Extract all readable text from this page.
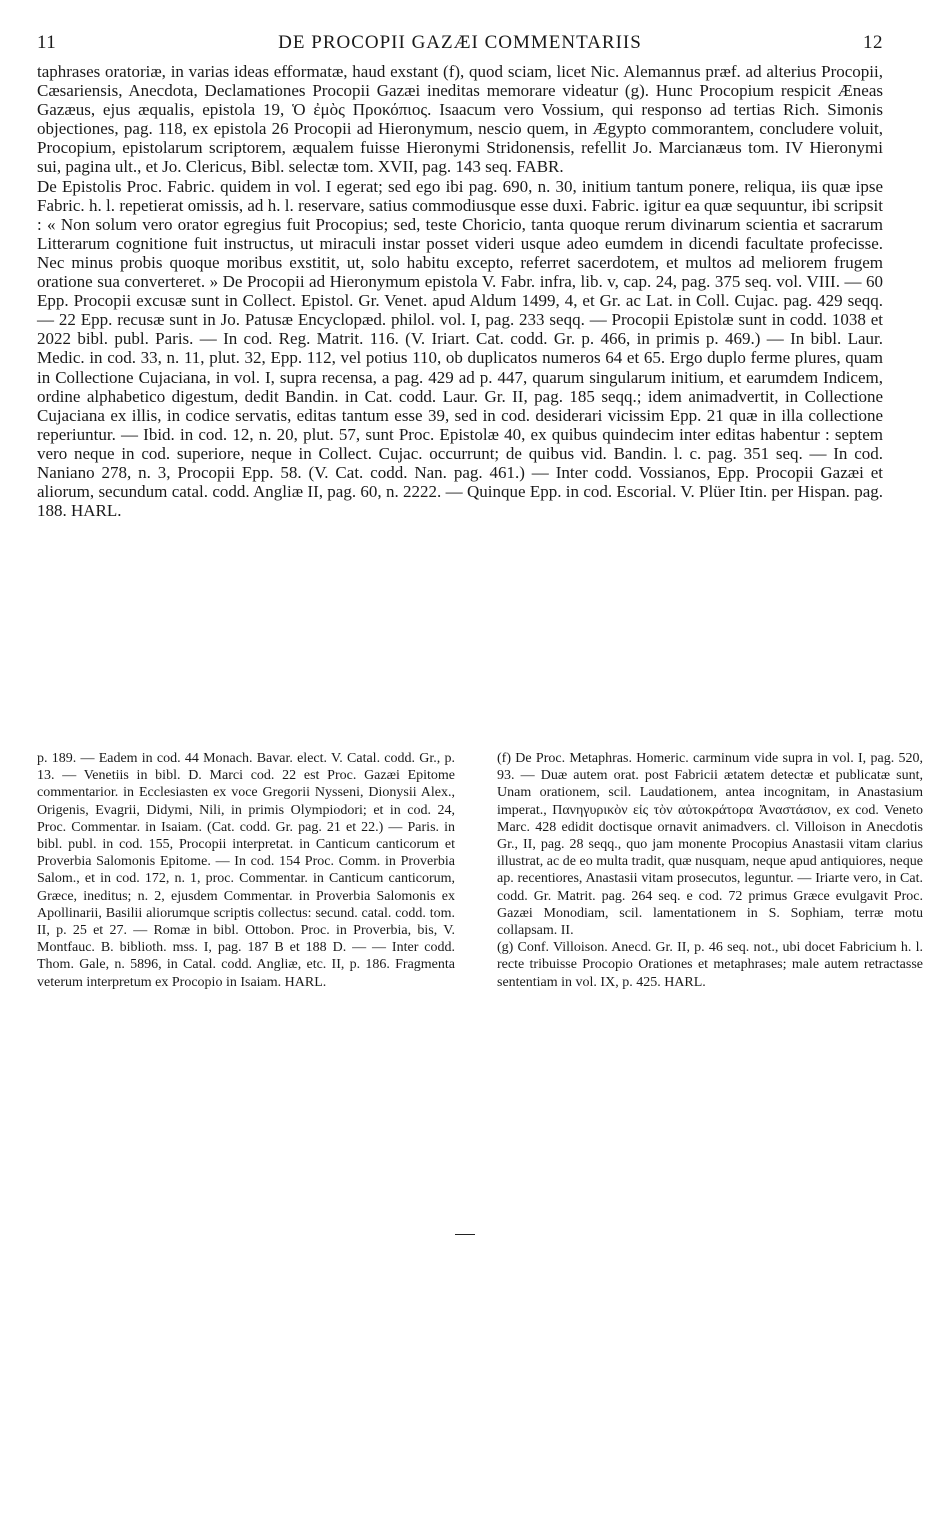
11	DE PROCOPII GAZÆI COMMENTARIIS	12

taphrases oratoriæ, in varias ideas efformatæ, haud exstant (f), quod sciam, licet Nic. Alemannus præf. ad alterius Procopii, Cæsariensis, Anecdota, Declamationes Procopii Gazæi ineditas memorare videatur (g). Hunc Procopium respicit Æneas Gazæus, ejus æqualis, epistola 19, Ὁ ἐμὸς Προκόπιος. Isaacum vero Vossium, qui responso ad tertias Rich. Simonis objectiones, pag. 118, ex epistola 26 Procopii ad Hieronymum, nescio quem, in Ægypto commorantem, concludere voluit, Procopium, epistolarum scriptorem, æqualem fuisse Hieronymi Stridonensis, refellit Jo. Marcianæus tom. IV Hieronymi sui, pagina ult., et Jo. Clericus, Bibl. selectæ tom. XVII, pag. 143 seq. FABR.

De Epistolis Proc. Fabric. quidem in vol. I egerat; sed ego ibi pag. 690, n. 30, initium tantum ponere, reliqua, iis quæ ipse Fabric. h. l. repetierat omissis, ad h. l. reservare, satius commodiusque esse duxi. Fabric. igitur ea quæ sequuntur, ibi scripsit : « Non solum vero orator egregius fuit Procopius; sed, teste Choricio, tanta quoque rerum divinarum scientia et sacrarum Litterarum cognitione fuit instructus, ut miraculi instar posset videri usque adeo eumdem in dicendi facultate profecisse. Nec minus probis quoque moribus exstitit, ut, solo habitu excepto, referret sacerdotem, et multos ad meliorem frugem oratione sua converteret. » De Procopii ad Hieronymum epistola V. Fabr. infra, lib. v, cap. 24, pag. 375 seq. vol. VIII. — 60 Epp. Procopii excusæ sunt in Collect. Epistol. Gr. Venet. apud Aldum 1499, 4, et Gr. ac Lat. in Coll. Cujac. pag. 429 seqq. — 22 Epp. recusæ sunt in Jo. Patusæ Encyclopæd. philol. vol. I, pag. 233 seqq. — Procopii Epistolæ sunt in codd. 1038 et 2022 bibl. publ. Paris. — In cod. Reg. Matrit. 116. (V. Iriart. Cat. codd. Gr. p. 466, in primis p. 469.) — In bibl. Laur. Medic. in cod. 33, n. 11, plut. 32, Epp. 112, vel potius 110, ob duplicatos numeros 64 et 65. Ergo duplo ferme plures, quam in Collectione Cujaciana, in vol. I, supra recensa, a pag. 429 ad p. 447, quarum singularum initium, et earumdem Indicem, ordine alphabetico digestum, dedit Bandin. in Cat. codd. Laur. Gr. II, pag. 185 seqq.; idem animadvertit, in Collectione Cujaciana ex illis, in codice servatis, editas tantum esse 39, sed in cod. desiderari vicissim Epp. 21 quæ in illa collectione reperiuntur. — Ibid. in cod. 12, n. 20, plut. 57, sunt Proc. Epistolæ 40, ex quibus quindecim inter editas habentur : septem vero neque in cod. superiore, neque in Collect. Cujac. occurrunt; de quibus vid. Bandin. l. c. pag. 351 seq. — In cod. Naniano 278, n. 3, Procopii Epp. 58. (V. Cat. codd. Nan. pag. 461.) — Inter codd. Vossianos, Epp. Procopii Gazæi et aliorum, secundum catal. codd. Angliæ II, pag. 60, n. 2222. — Quinque Epp. in cod. Escorial. V. Plüer Itin. per Hispan. pag. 188. HARL.

p. 189. — Eadem in cod. 44 Monach. Bavar. elect. V. Catal. codd. Gr., p. 13. — Venetiis in bibl. D. Marci cod. 22 est Proc. Gazæi Epitome commentarior. in Ecclesiasten ex voce Gregorii Nysseni, Dionysii Alex., Origenis, Evagrii, Didymi, Nili, in primis Olympiodori; et in cod. 24, Proc. Commentar. in Isaiam. (Cat. codd. Gr. pag. 21 et 22.) — Paris. in bibl. publ. in cod. 155, Procopii interpretat. in Canticum canticorum et Proverbia Salomonis Epitome. — In cod. 154 Proc. Comm. in Proverbia Salom., et in cod. 172, n. 1, proc. Commentar. in Canticum canticorum, Græce, ineditus; n. 2, ejusdem Commentar. in Proverbia Salomonis ex Apollinarii, Basilii aliorumque scriptis collectus: secund. catal. codd. tom. II, p. 25 et 27. — Romæ in bibl. Ottobon. Proc. in Proverbia, bis, V. Montfauc. B. biblioth. mss. I, pag. 187 B et 188 D. — — Inter codd. Thom. Gale, n. 5896, in Catal. codd. Angliæ, etc. II, p. 186. Fragmenta veterum interpretum ex Procopio in Isaiam. HARL.

(f) De Proc. Metaphras. Homeric. carminum vide supra in vol. I, pag. 520, 93. — Duæ autem orat. post Fabricii ætatem detectæ et publicatæ sunt, Unam orationem, scil. Laudationem, antea incognitam, in Anastasium imperat., Πανηγυρικὸν εἰς τὸν αὐτοκράτορα Ἀναστάσιον, ex cod. Veneto Marc. 428 edidit doctisque ornavit animadvers. cl. Villoison in Anecdotis Gr., II, pag. 28 seqq., quo jam monente Procopius Anastasii vitam clarius illustrat, ac de eo multa tradit, quæ nusquam, neque apud antiquiores, neque ap. recentiores, Anastasii vitam prosecutos, leguntur. — Iriarte vero, in Cat. codd. Gr. Matrit. pag. 264 seq. e cod. 72 primus Græce evulgavit Proc. Gazæi Monodiam, scil. lamentationem in S. Sophiam, terræ motu collapsam. II.

(g) Conf. Villoison. Anecd. Gr. II, p. 46 seq. not., ubi docet Fabricium h. l. recte tribuisse Procopio Orationes et metaphrases; male autem retractasse sententiam in vol. IX, p. 425. HARL.
